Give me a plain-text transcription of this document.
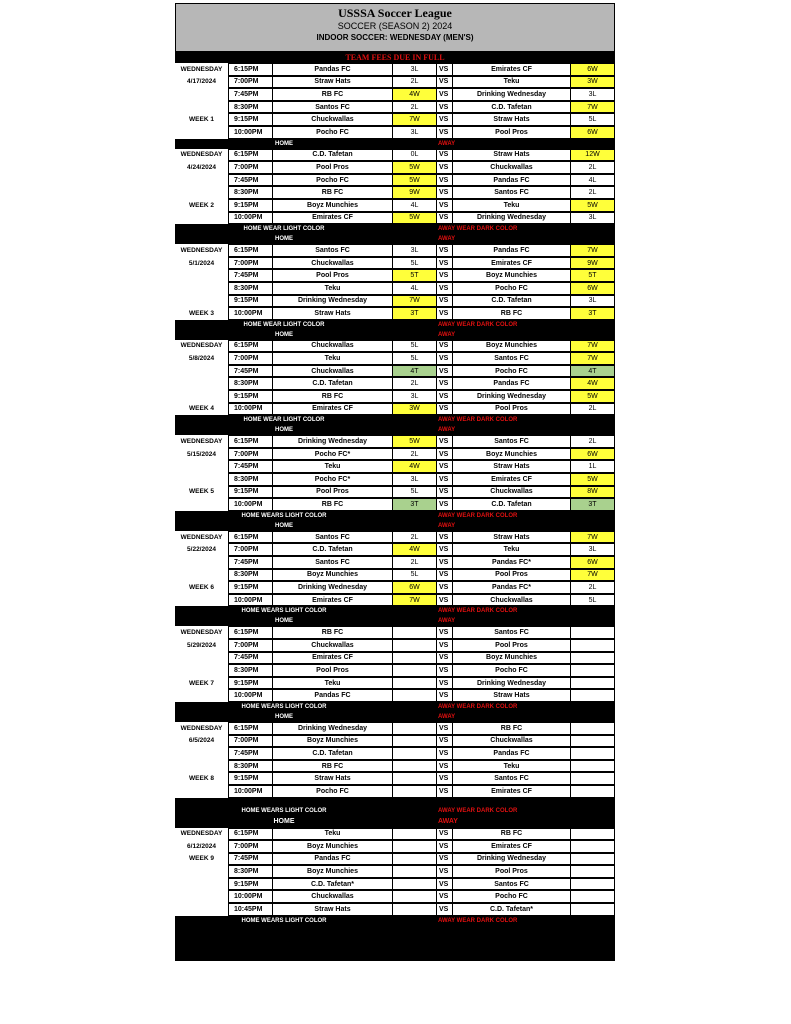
USSSA Soccer League
SOCCER (SEASON 2) 2024
INDOOR SOCCER: WEDNESDAY (MEN'S)
TEAM FEES DUE IN FULL
WEDNESDAY	6:15PM	Pandas FC	3L	VS	Emirates CF	6W
4/17/2024	7:00PM	Straw Hats	2L	VS	Teku	3W
7:45PM	RB FC	4W	VS	Drinking Wednesday	3L
8:30PM	Santos FC	2L	VS	C.D. Tafetan	7W
WEEK 1	9:15PM	Chuckwallas	7W	VS	Straw Hats	5L
10:00PM	Pocho FC	3L	VS	Pool Pros	6W
HOME	AWAY
WEDNESDAY	6:15PM	C.D. Tafetan	0L	VS	Straw Hats	12W
4/24/2024	7:00PM	Pool Pros	5W	VS	Chuckwallas	2L
7:45PM	Pocho FC	5W	VS	Pandas FC	4L
8:30PM	RB FC	9W	VS	Santos FC	2L
WEEK 2	9:15PM	Boyz Munchies	4L	VS	Teku	5W
10:00PM	Emirates CF	5W	VS	Drinking Wednesday	3L
HOME WEAR LIGHT COLOR	AWAY WEAR DARK COLOR
HOME	AWAY
WEDNESDAY	6:15PM	Santos FC	3L	VS	Pandas FC	7W
5/1/2024	7:00PM	Chuckwallas	5L	VS	Emirates CF	9W
7:45PM	Pool Pros	5T	VS	Boyz Munchies	5T
8:30PM	Teku	4L	VS	Pocho FC	6W
9:15PM	Drinking Wednesday	7W	VS	C.D. Tafetan	3L
WEEK 3	10:00PM	Straw Hats	3T	VS	RB FC	3T
HOME WEAR LIGHT COLOR	AWAY WEAR DARK COLOR
HOME	AWAY
WEDNESDAY	6:15PM	Chuckwallas	5L	VS	Boyz Munchies	7W
5/8/2024	7:00PM	Teku	5L	VS	Santos FC	7W
7:45PM	Chuckwallas	4T	VS	Pocho FC	4T
8:30PM	C.D. Tafetan	2L	VS	Pandas FC	4W
9:15PM	RB FC	3L	VS	Drinking Wednesday	5W
WEEK 4	10:00PM	Emirates CF	3W	VS	Pool Pros	2L
HOME WEAR LIGHT COLOR	AWAY WEAR DARK COLOR
HOME	AWAY
WEDNESDAY	6:15PM	Drinking Wednesday	5W	VS	Santos FC	2L
5/15/2024	7:00PM	Pocho FC*	2L	VS	Boyz Munchies	6W
7:45PM	Teku	4W	VS	Straw Hats	1L
8:30PM	Pocho FC*	3L	VS	Emirates CF	5W
WEEK 5	9:15PM	Pool Pros	5L	VS	Chuckwallas	8W
10:00PM	RB FC	3T	VS	C.D. Tafetan	3T
HOME WEARS LIGHT COLOR	AWAY WEAR DARK COLOR
HOME	AWAY
WEDNESDAY	6:15PM	Santos FC	2L	VS	Straw Hats	7W
5/22/2024	7:00PM	C.D. Tafetan	4W	VS	Teku	3L
7:45PM	Santos FC	2L	VS	Pandas FC*	6W
8:30PM	Boyz Munchies	5L	VS	Pool Pros	7W
WEEK 6	9:15PM	Drinking Wednesday	6W	VS	Pandas FC*	2L
10:00PM	Emirates CF	7W	VS	Chuckwallas	5L
HOME WEARS LIGHT COLOR	AWAY WEAR DARK COLOR
HOME	AWAY
WEDNESDAY	6:15PM	RB FC	VS	Santos FC
5/29/2024	7:00PM	Chuckwallas	VS	Pool Pros
7:45PM	Emirates CF	VS	Boyz Munchies
8:30PM	Pool Pros	VS	Pocho FC
WEEK 7	9:15PM	Teku	VS	Drinking Wednesday
10:00PM	Pandas FC	VS	Straw Hats
HOME WEARS LIGHT COLOR	AWAY WEAR DARK COLOR
HOME	AWAY
WEDNESDAY	6:15PM	Drinking Wednesday	VS	RB FC
6/5/2024	7:00PM	Boyz Munchies	VS	Chuckwallas
7:45PM	C.D. Tafetan	VS	Pandas FC
8:30PM	RB FC	VS	Teku
WEEK 8	9:15PM	Straw Hats	VS	Santos FC
10:00PM	Pocho FC	VS	Emirates CF
HOME WEARS LIGHT COLOR	AWAY WEAR DARK COLOR
HOME	AWAY
WEDNESDAY	6:15PM	Teku	VS	RB FC
6/12/2024	7:00PM	Boyz Munchies	VS	Emirates CF
WEEK 9	7:45PM	Pandas FC	VS	Drinking Wednesday
8:30PM	Boyz Munchies	VS	Pool Pros
9:15PM	C.D. Tafetan*	VS	Santos FC
10:00PM	Chuckwallas	VS	Pocho FC
10:45PM	Straw Hats	VS	C.D. Tafetan*
HOME WEARS LIGHT COLOR	AWAY WEAR DARK COLOR
